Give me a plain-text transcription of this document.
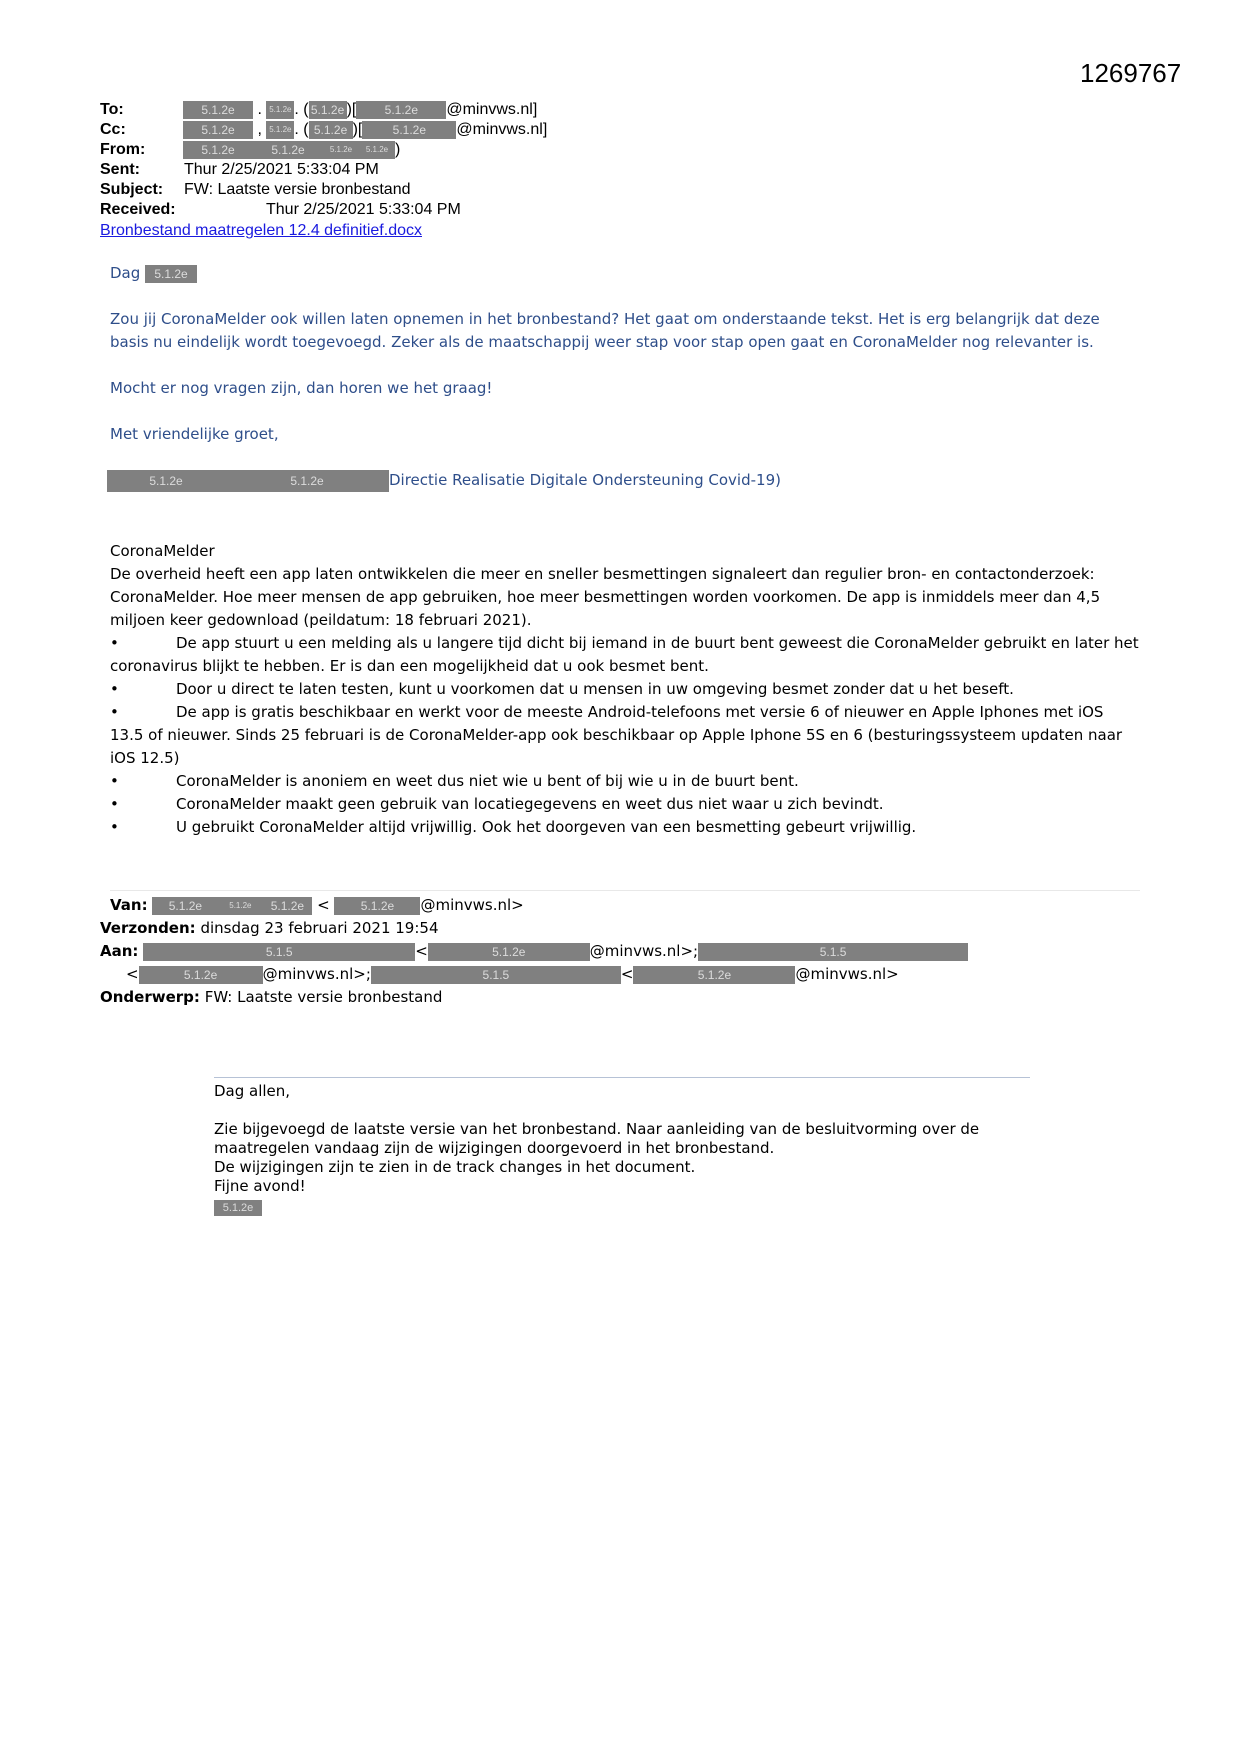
1269767
To:	5.1.2e . 5.1.2e . ( 5.1.2e )[ 5.1.2e @minvws.nl]
Cc:	5.1.2e , 5.1.2e . ( 5.1.2e )[	5.1.2e @minvws.nl]
From:	5.1.2e	5.1.2e	5.1.2e 5.1.2e )
Sent:	Thur 2/25/2021 5:33:04 PM
Subject: FW: Laatste versie bronbestand
Received:	Thur 2/25/2021 5:33:04 PM
Bronbestand maatregelen 12.4 definitief.docx

Dag 5.1.2e

Zou jij CoronaMelder ook willen laten opnemen in het bronbestand? Het gaat om onderstaande tekst. Het is erg belangrijk dat deze basis nu eindelijk wordt toegevoegd. Zeker als de maatschappij weer stap voor stap open gaat en CoronaMelder nog relevanter is.

Mocht er nog vragen zijn, dan horen we het graag!

Met vriendelijke groet,

5.1.2e	5.1.2e	Directie Realisatie Digitale Ondersteuning Covid-19)

CoronaMelder

De overheid heeft een app laten ontwikkelen die meer en sneller besmettingen signaleert dan regulier bron- en contactonderzoek: CoronaMelder. Hoe meer mensen de app gebruiken, hoe meer besmettingen worden voorkomen. De app is inmiddels meer dan 4,5 miljoen keer gedownload (peildatum: 18 februari 2021).

•	De app stuurt u een melding als u langere tijd dicht bij iemand in de buurt bent geweest die CoronaMelder gebruikt en later het coronavirus blijkt te hebben. Er is dan een mogelijkheid dat u ook besmet bent.

•	Door u direct te laten testen, kunt u voorkomen dat u mensen in uw omgeving besmet zonder dat u het beseft.

•	De app is gratis beschikbaar en werkt voor de meeste Android-telefoons met versie 6 of nieuwer en Apple Iphones met iOS 13.5 of nieuwer. Sinds 25 februari is de CoronaMelder-app ook beschikbaar op Apple Iphone 5S en 6 (besturingssysteem updaten naar iOS 12.5)

•	CoronaMelder is anoniem en weet dus niet wie u bent of bij wie u in de buurt bent.

•	CoronaMelder maakt geen gebruik van locatiegegevens en weet dus niet waar u zich bevindt.

•	U gebruikt CoronaMelder altijd vrijwillig. Ook het doorgeven van een besmetting gebeurt vrijwillig.

Van: 5.1.2e	5.1.2e 5.1.2e < 5.1.2e @minvws.nl>
Verzonden: dinsdag 23 februari 2021 19:54
Aan:	5.1.5	<	5.1.2e	@minvws.nl>;	5.1.5
<	5.1.2e	@minvws.nl>;	5.1.5	<	5.1.2e	@minvws.nl>
Onderwerp: FW: Laatste versie bronbestand

Dag allen,

Zie bijgevoegd de laatste versie van het bronbestand. Naar aanleiding van de besluitvorming over de maatregelen vandaag zijn de wijzigingen doorgevoerd in het bronbestand.

De wijzigingen zijn te zien in de track changes in het document.

Fijne avond!

5.1.2e
